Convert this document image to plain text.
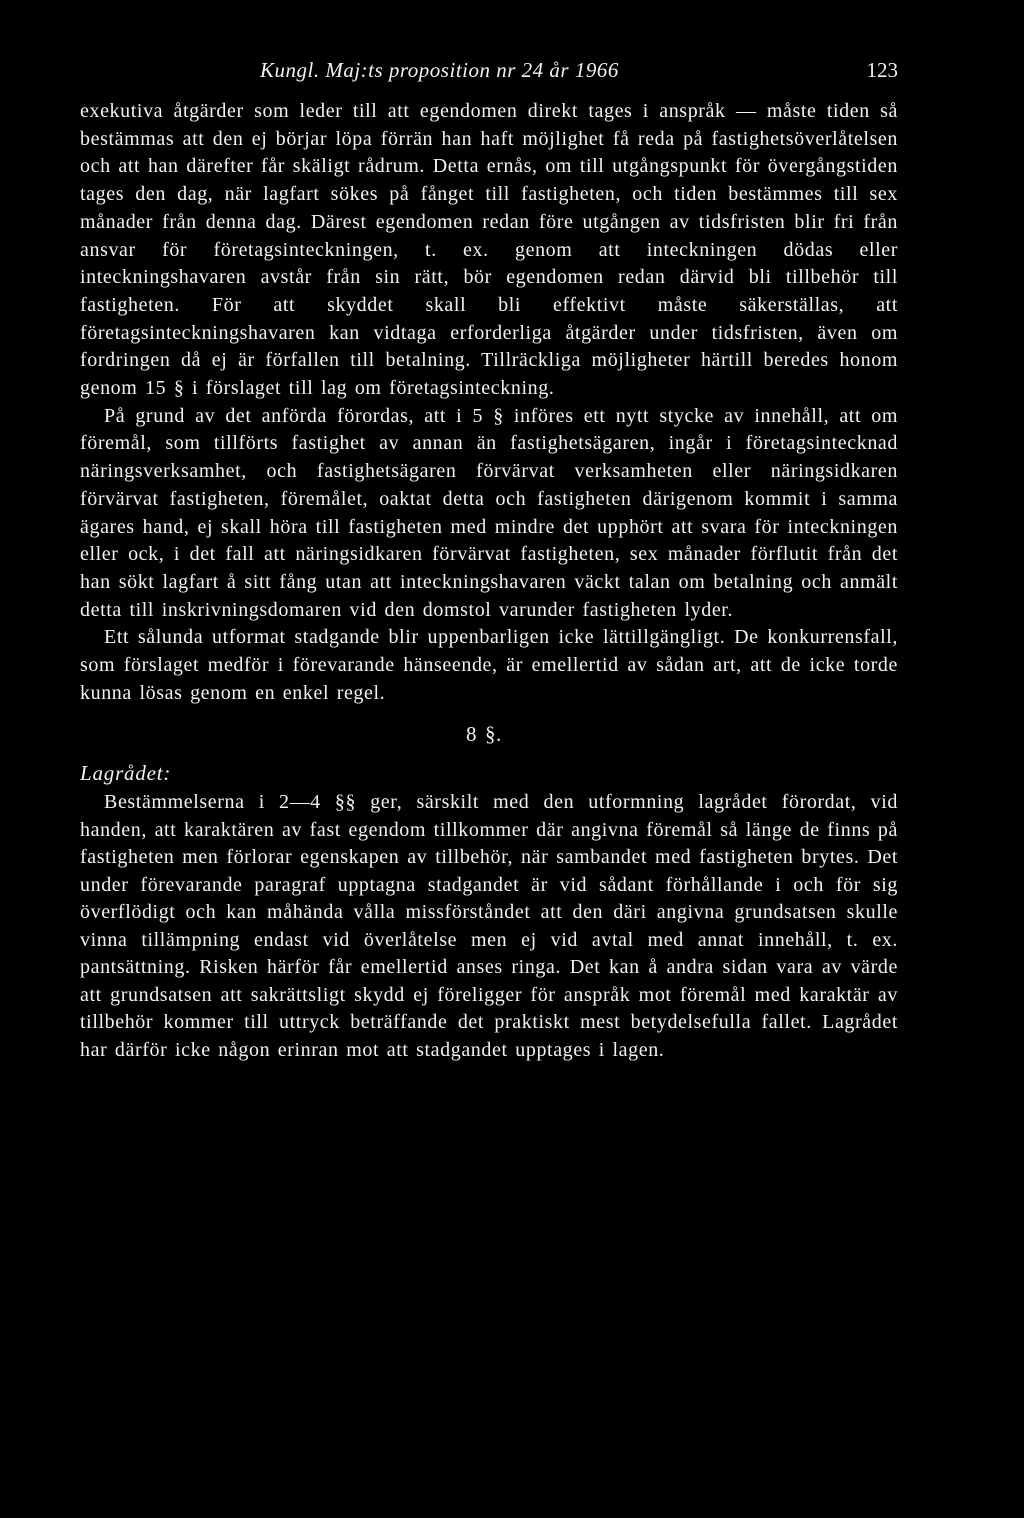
Kungl. Maj:ts proposition nr 24 år 1966	123

exekutiva åtgärder som leder till att egendomen direkt tages i anspråk — måste tiden så bestämmas att den ej börjar löpa förrän han haft möjlighet få reda på fastighetsöverlåtelsen och att han därefter får skäligt rådrum. Detta ernås, om till utgångspunkt för övergångstiden tages den dag, när lagfart sökes på fånget till fastigheten, och tiden bestämmes till sex månader från denna dag. Därest egendomen redan före utgången av tidsfristen blir fri från ansvar för företagsinteckningen, t. ex. genom att inteckningen dödas eller inteckningshavaren avstår från sin rätt, bör egendomen redan därvid bli tillbehör till fastigheten. För att skyddet skall bli effektivt måste säkerställas, att företagsinteckningshavaren kan vidtaga erforderliga åtgärder under tidsfristen, även om fordringen då ej är förfallen till betalning. Tillräckliga möjligheter härtill beredes honom genom 15 § i förslaget till lag om företagsinteckning.

På grund av det anförda förordas, att i 5 § införes ett nytt stycke av innehåll, att om föremål, som tillförts fastighet av annan än fastighetsägaren, ingår i företagsintecknad näringsverksamhet, och fastighetsägaren förvärvat verksamheten eller näringsidkaren förvärvat fastigheten, föremålet, oaktat detta och fastigheten därigenom kommit i samma ägares hand, ej skall höra till fastigheten med mindre det upphört att svara för inteckningen eller ock, i det fall att näringsidkaren förvärvat fastigheten, sex månader förflutit från det han sökt lagfart å sitt fång utan att inteckningshavaren väckt talan om betalning och anmält detta till inskrivningsdomaren vid den domstol varunder fastigheten lyder.

Ett sålunda utformat stadgande blir uppenbarligen icke lättillgängligt. De konkurrensfall, som förslaget medför i förevarande hänseende, är emellertid av sådan art, att de icke torde kunna lösas genom en enkel regel.

8 §.
Lagrådet:

Bestämmelserna i 2—4 §§ ger, särskilt med den utformning lagrådet förordat, vid handen, att karaktären av fast egendom tillkommer där angivna föremål så länge de finns på fastigheten men förlorar egenskapen av tillbehör, när sambandet med fastigheten brytes. Det under förevarande paragraf upptagna stadgandet är vid sådant förhållande i och för sig överflödigt och kan måhända vålla missförståndet att den däri angivna grundsatsen skulle vinna tillämpning endast vid överlåtelse men ej vid avtal med annat innehåll, t. ex. pantsättning. Risken härför får emellertid anses ringa. Det kan å andra sidan vara av värde att grundsatsen att sakrättsligt skydd ej föreligger för anspråk mot föremål med karaktär av tillbehör kommer till uttryck beträffande det praktiskt mest betydelsefulla fallet. Lagrådet har därför icke någon erinran mot att stadgandet upptages i lagen.
